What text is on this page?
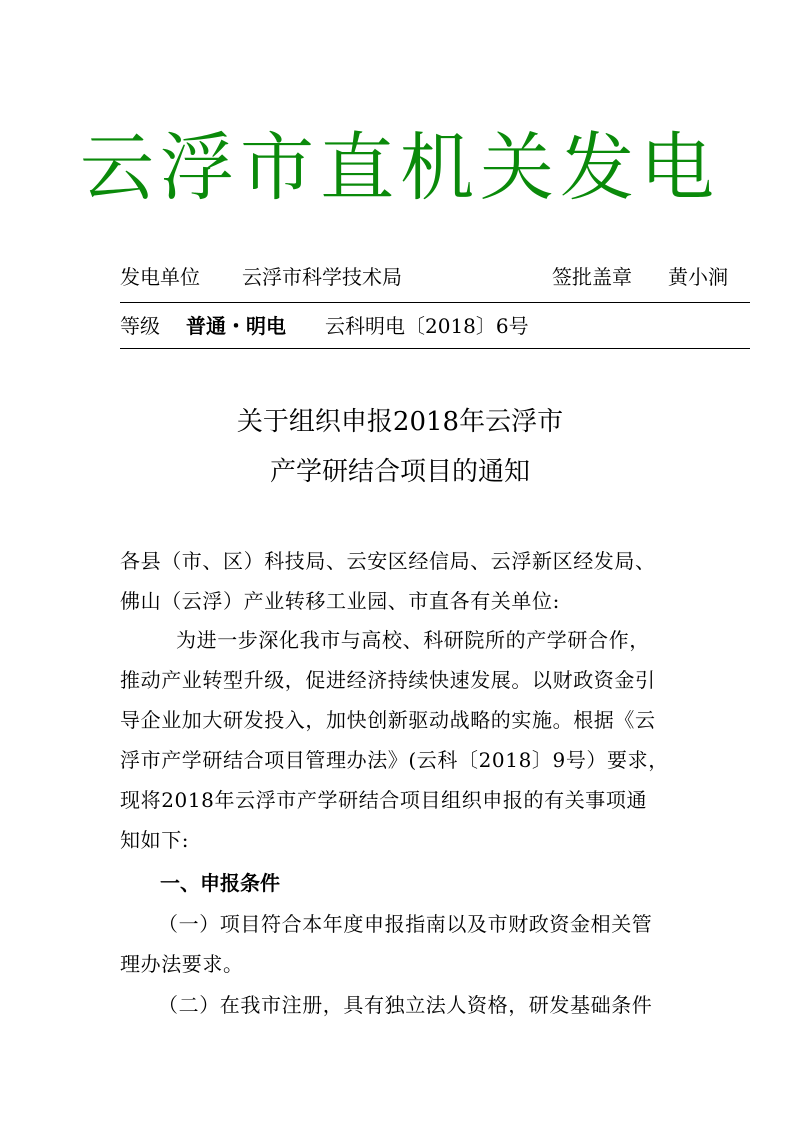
云浮市直机关发电
发电单位 云浮市科学技术局	签批盖章 黄小涧
等级 普通・明电 云科明电〔2018〕6号
关于组织申报2018年云浮市
产学研结合项目的通知
各县（市、区）科技局、云安区经信局、云浮新区经发局、
佛山（云浮）产业转移工业园、市直各有关单位:
为进一步深化我市与高校、科研院所的产学研合作，
推动产业转型升级，促进经济持续快速发展。以财政资金引
导企业加大研发投入，加快创新驱动战略的实施。根据《云
浮市产学研结合项目管理办法》(云科〔2018〕9号）要求，
现将2018年云浮市产学研结合项目组织申报的有关事项通
知如下:
一、申报条件
（一）项目符合本年度申报指南以及市财政资金相关管
理办法要求。
（二）在我市注册，具有独立法人资格，研发基础条件
